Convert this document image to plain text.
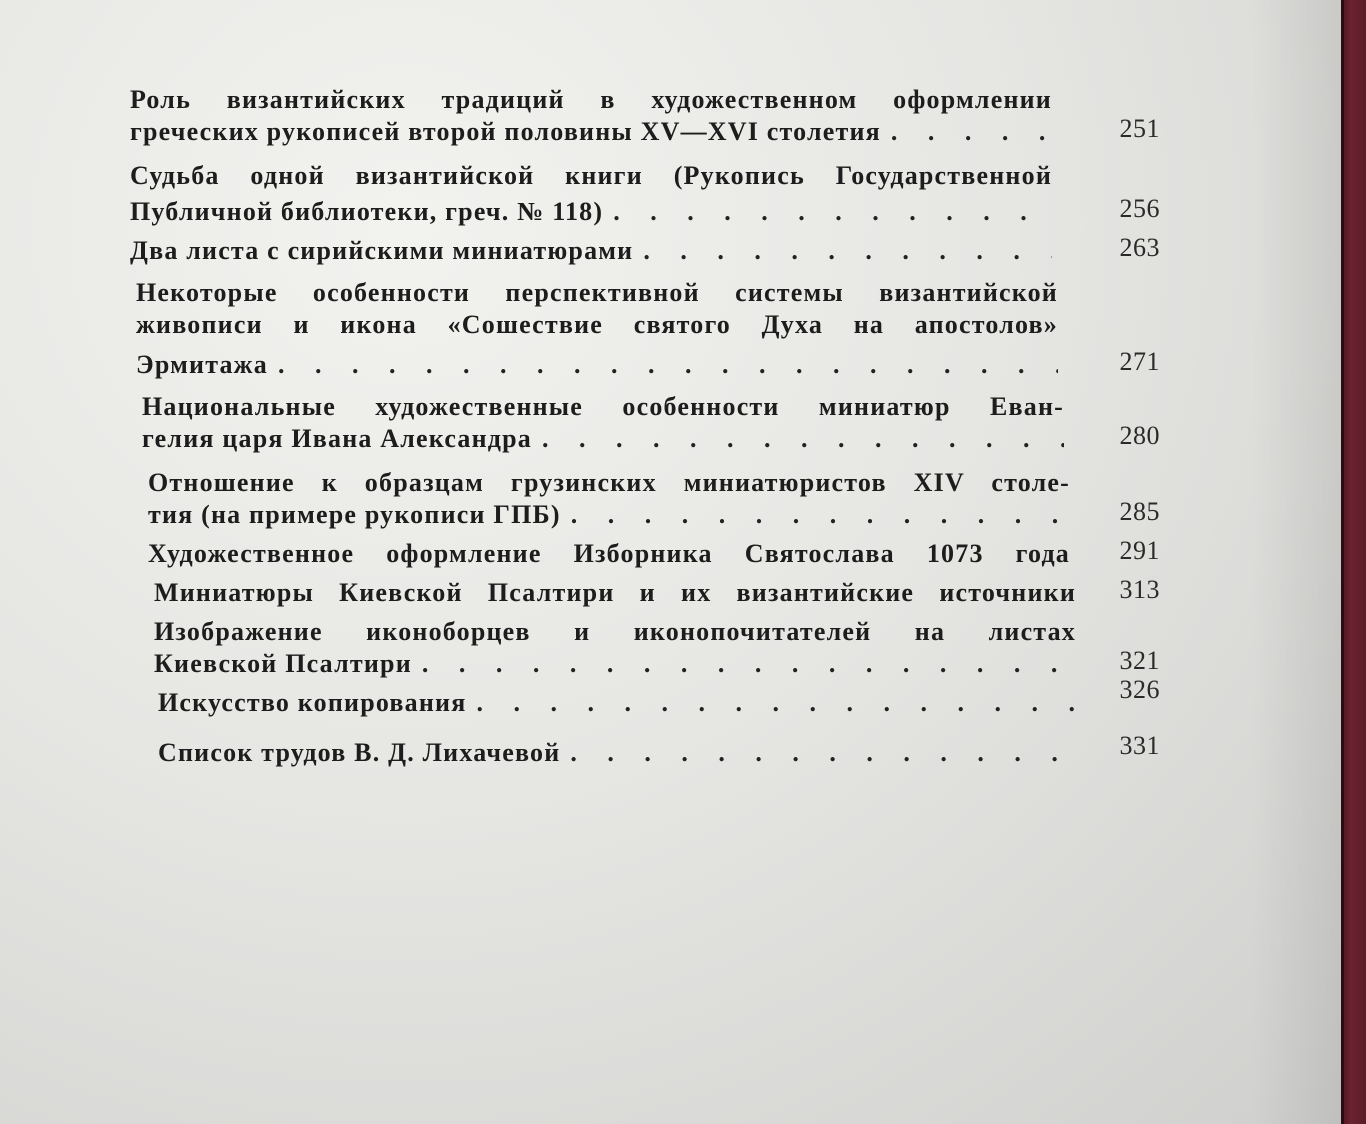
Роль византийских традиций в художественном оформлении
греческих рукописей второй половины XV—XVI столетия . . .	251
Судьба одной византийской книги (Рукопись Государственной
Публичной библиотеки, греч. № 118) . . .	256
Два листа с сирийскими миниатюрами . . .	263
Некоторые особенности перспективной системы византийской
живописи и икона «Сошествие святого Духа на апостолов»
Эрмитажа . . .	271
Национальные художественные особенности миниатюр Еван-
гелия царя Ивана Александра . . .	280
Отношение к образцам грузинских миниатюристов XIV столе-
тия (на примере рукописи ГПБ) . . .	285
Художественное оформление Изборника Святослава 1073 года	291
Миниатюры Киевской Псалтири и их византийские источники	313
Изображение иконоборцев и иконопочитателей на листах
Киевской Псалтири . . .	321
Искусство копирования . . .	326
Список трудов В. Д. Лихачевой . . .	331
